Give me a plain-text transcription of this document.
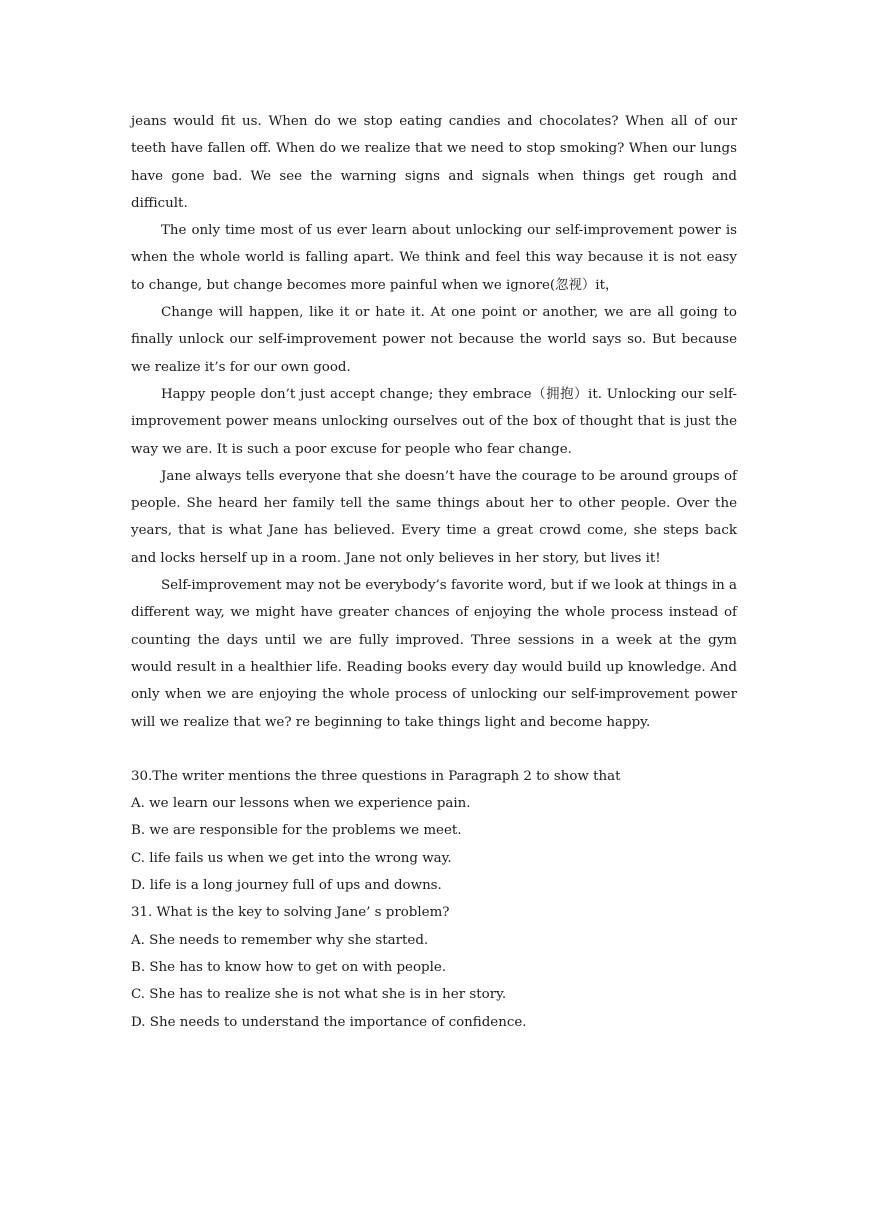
jeans would fit us. When do we stop eating candies and chocolates? When all of our teeth have fallen off. When do we realize that we need to stop smoking? When our lungs have gone bad. We see the warning signs and signals when things get rough and difficult.

The only time most of us ever learn about unlocking our self-improvement power is when the whole world is falling apart. We think and feel this way because it is not easy to change, but change becomes more painful when we ignore(忽视）it，

Change will happen, like it or hate it. At one point or another, we are all going to finally unlock our self-improvement power not because the world says so. But because we realize it’s for our own good.

Happy people don’t just accept change; they embrace（拥抱）it. Unlocking our self-improvement power means unlocking ourselves out of the box of thought that is just the way we are. It is such a poor excuse for people who fear change.

Jane always tells everyone that she doesn’t have the courage to be around groups of people. She heard her family tell the same things about her to other people. Over the years, that is what Jane has believed. Every time a great crowd come, she steps back and locks herself up in a room. Jane not only believes in her story, but lives it!

Self-improvement may not be everybody’s favorite word, but if we look at things in a different way, we might have greater chances of enjoying the whole process instead of counting the days until we are fully improved. Three sessions in a week at the gym would result in a healthier life. Reading books every day would build up knowledge. And only when we are enjoying the whole process of unlocking our self-improvement power will we realize that we? re beginning to take things light and become happy.

30.The writer mentions the three questions in Paragraph 2 to show that

A. we learn our lessons when we experience pain.

B. we are responsible for the problems we meet.

C. life fails us when we get into the wrong way.

D. life is a long journey full of ups and downs.

31. What is the key to solving Jane’ s problem?

A. She needs to remember why she started.

B. She has to know how to get on with people.

C. She has to realize she is not what she is in her story.

D. She needs to understand the importance of confidence.
